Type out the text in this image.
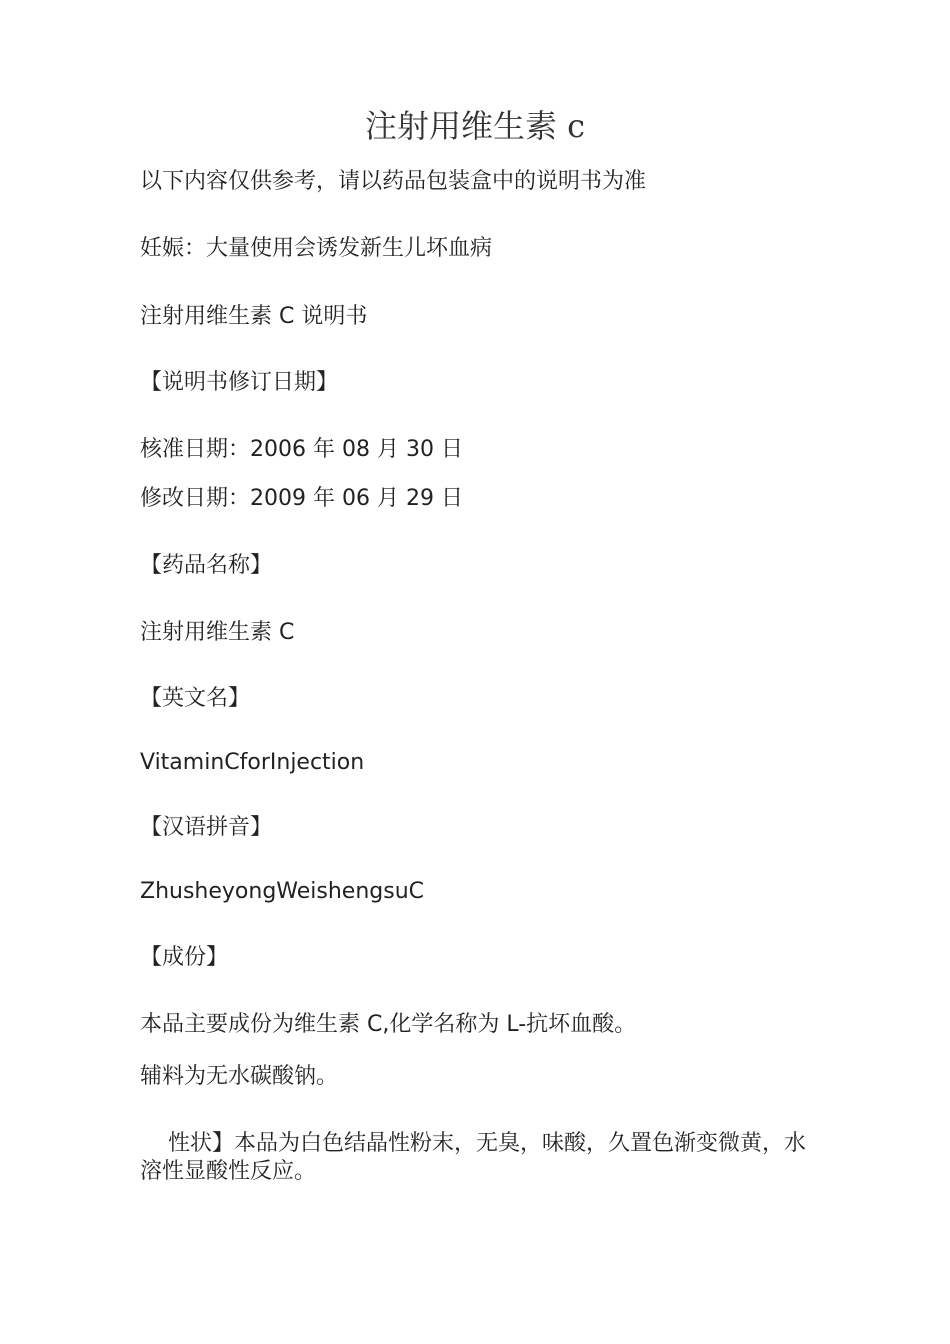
注射用维生素 c
以下内容仅供参考，请以药品包装盒中的说明书为准
妊娠：大量使用会诱发新生儿坏血病
注射用维生素 C 说明书
【说明书修订日期】
核准日期：2006 年 08 月 30 日
修改日期：2009 年 06 月 29 日
【药品名称】
注射用维生素 C
【英文名】
VitaminCforInjection
【汉语拼音】
ZhusheyongWeishengsuC
【成份】
本品主要成份为维生素 C,化学名称为 L-抗坏血酸。
辅料为无水碳酸钠。
性状】本品为白色结晶性粉末，无臭，味酸，久置色渐变微黄，水溶性显酸性反应。
